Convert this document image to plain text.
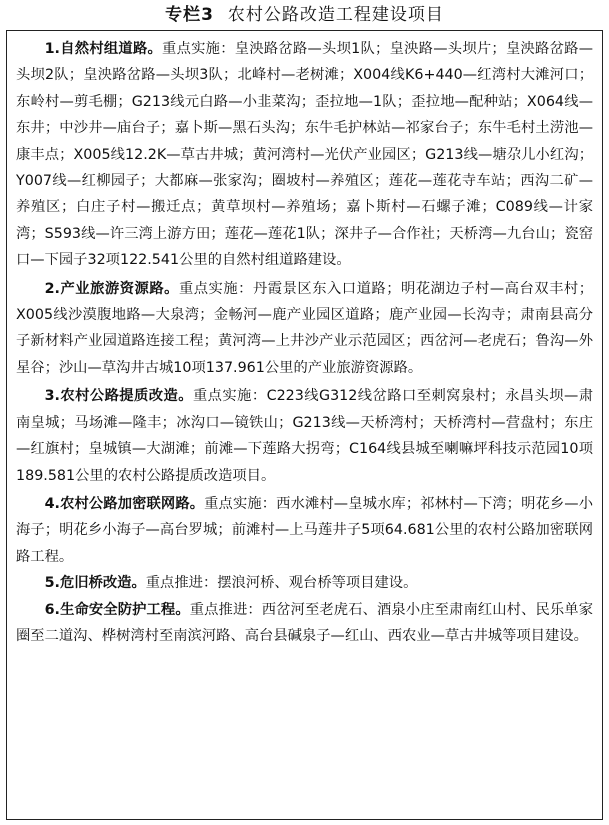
专栏3 农村公路改造工程建设项目

1.自然村组道路。重点实施：皇泱路岔路—头坝1队；皇泱路—头坝片；皇泱路岔路—头坝2队；皇泱路岔路—头坝3队；北峰村—老树滩；X004线K6+440—红湾村大滩河口；东岭村—剪毛棚；G213线元白路—小韭菜沟；歪拉地—1队；歪拉地—配种站；X064线—东井；中沙井—庙台子；嘉卜斯—黑石头沟；东牛毛护林站—祁家台子；东牛毛村土涝池—康丰点；X005线12.2K—草古井城；黄河湾村—光伏产业园区；G213线—塘尕儿小红沟；Y007线—红柳园子；大都麻—张家沟；圈坡村—养殖区；莲花—莲花寺车站；西沟二矿—养殖区；白庄子村—搬迁点；黄草坝村—养殖场；嘉卜斯村—石螺子滩；C089线—计家湾；S593线—许三湾上游方田；莲花—莲花1队；深井子—合作社；天桥湾—九台山；瓷窑口—下园子32项122.541公里的自然村组道路建设。

2.产业旅游资源路。重点实施：丹霞景区东入口道路；明花湖边子村—高台双丰村；X005线沙漠腹地路—大泉湾；金畅河—鹿产业园区道路；鹿产业园—长沟寺；肃南县高分子新材料产业园道路连接工程；黄河湾—上井沙产业示范园区；西岔河—老虎石；鲁沟—外星谷；沙山—草沟井古城10项137.961公里的产业旅游资源路。

3.农村公路提质改造。重点实施：C223线G312线岔路口至刺窝泉村；永昌头坝—肃南皇城；马场滩—隆丰；冰沟口—镜铁山；G213线—天桥湾村；天桥湾村—营盘村；东庄—红旗村；皇城镇—大湖滩；前滩—下莲路大拐弯；C164线县城至喇嘛坪科技示范园10项189.581公里的农村公路提质改造项目。

4.农村公路加密联网路。重点实施：西水滩村—皇城水库；祁林村—下湾；明花乡—小海子；明花乡小海子—高台罗城；前滩村—上马莲井子5项64.681公里的农村公路加密联网路工程。

5.危旧桥改造。重点推进：摆浪河桥、观台桥等项目建设。

6.生命安全防护工程。重点推进：西岔河至老虎石、酒泉小庄至肃南红山村、民乐单家圈至二道沟、桦树湾村至南滨河路、高台县碱泉子—红山、西农业—草古井城等项目建设。
